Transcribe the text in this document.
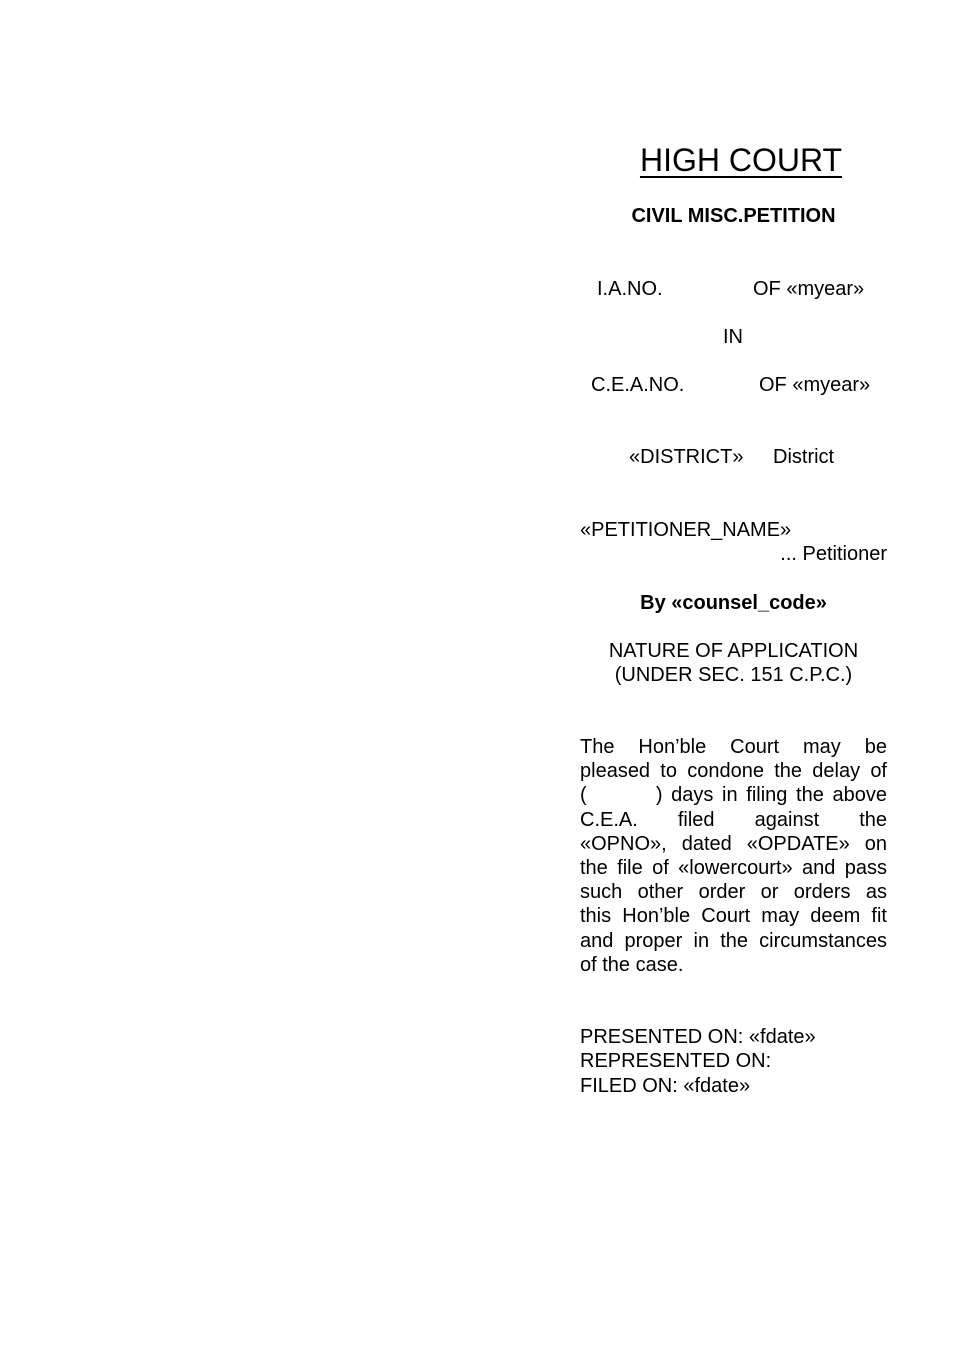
HIGH COURT
CIVIL MISC.PETITION
I.A.NO.	OF «myear»
IN
C.E.A.NO.	OF «myear»
«DISTRICT» District
«PETITIONER_NAME»
... Petitioner
By «counsel_code»
NATURE OF APPLICATION
(UNDER SEC. 151 C.P.C.)
The Hon’ble Court may be
pleased to condone the delay of
(        ) days in filing the above
C.E.A. filed against the
«OPNO», dated «OPDATE» on
the file of «lowercourt» and pass
such other order or orders as
this Hon’ble Court may deem fit
and proper in the circumstances
of the case.
PRESENTED ON: «fdate»
REPRESENTED ON:
FILED ON: «fdate»
